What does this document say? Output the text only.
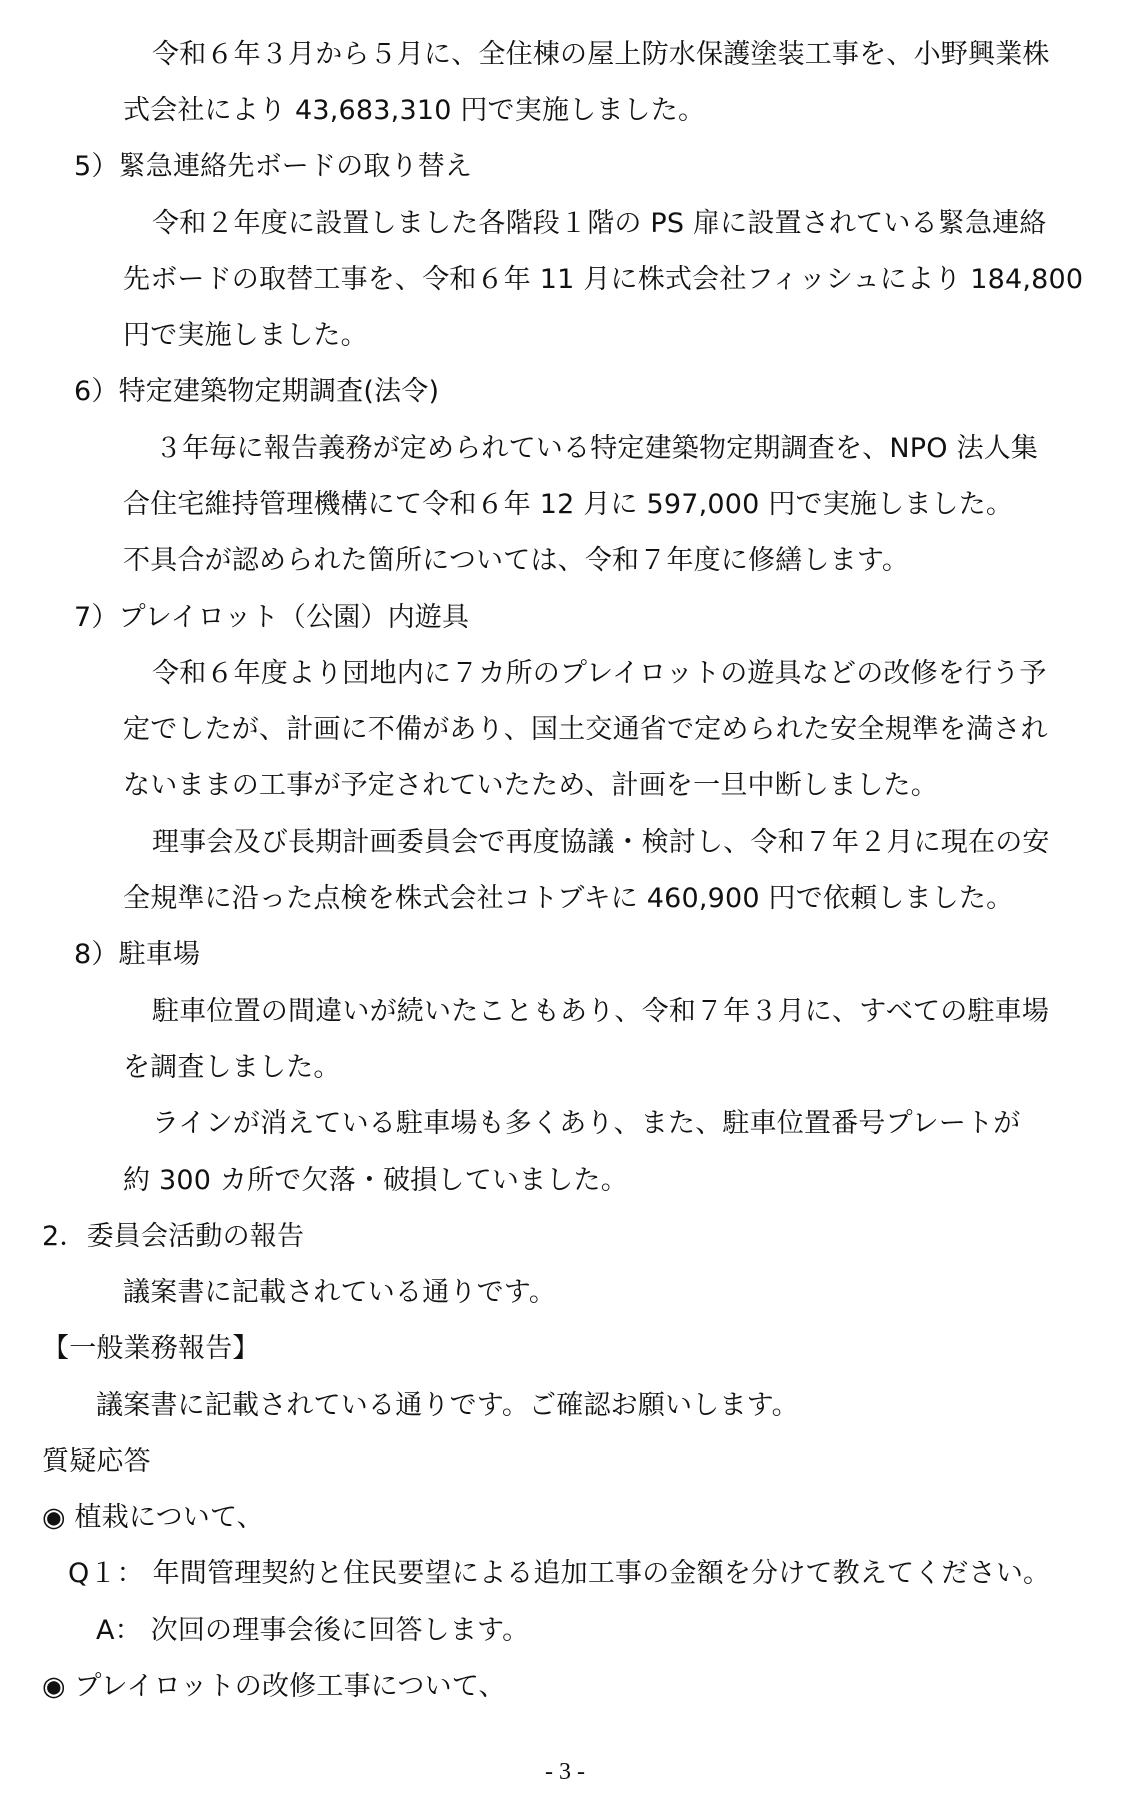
令和６年３月から５月に、全住棟の屋上防水保護塗装工事を、小野興業株
式会社により 43,683,310 円で実施しました。
5）緊急連絡先ボードの取り替え
令和２年度に設置しました各階段１階の PS 扉に設置されている緊急連絡
先ボードの取替工事を、令和６年 11 月に株式会社フィッシュにより 184,800
円で実施しました。
6）特定建築物定期調査(法令)
３年毎に報告義務が定められている特定建築物定期調査を、NPO 法人集
合住宅維持管理機構にて令和６年 12 月に 597,000 円で実施しました。
不具合が認められた箇所については、令和７年度に修繕します。
7）プレイロット（公園）内遊具
令和６年度より団地内に７カ所のプレイロットの遊具などの改修を行う予
定でしたが、計画に不備があり、国土交通省で定められた安全規準を満され
ないままの工事が予定されていたため、計画を一旦中断しました。
理事会及び長期計画委員会で再度協議・検討し、令和７年２月に現在の安
全規準に沿った点検を株式会社コトブキに 460,900 円で依頼しました。
8）駐車場
駐車位置の間違いが続いたこともあり、令和７年３月に、すべての駐車場
を調査しました。
ラインが消えている駐車場も多くあり、また、駐車位置番号プレートが
約 300 カ所で欠落・破損していました。
2．委員会活動の報告
議案書に記載されている通りです。
【一般業務報告】
議案書に記載されている通りです。ご確認お願いします。
質疑応答
◉ 植栽について、
Q１： 年間管理契約と住民要望による追加工事の金額を分けて教えてください。
A： 次回の理事会後に回答します。
◉ プレイロットの改修工事について、
- 3 -
